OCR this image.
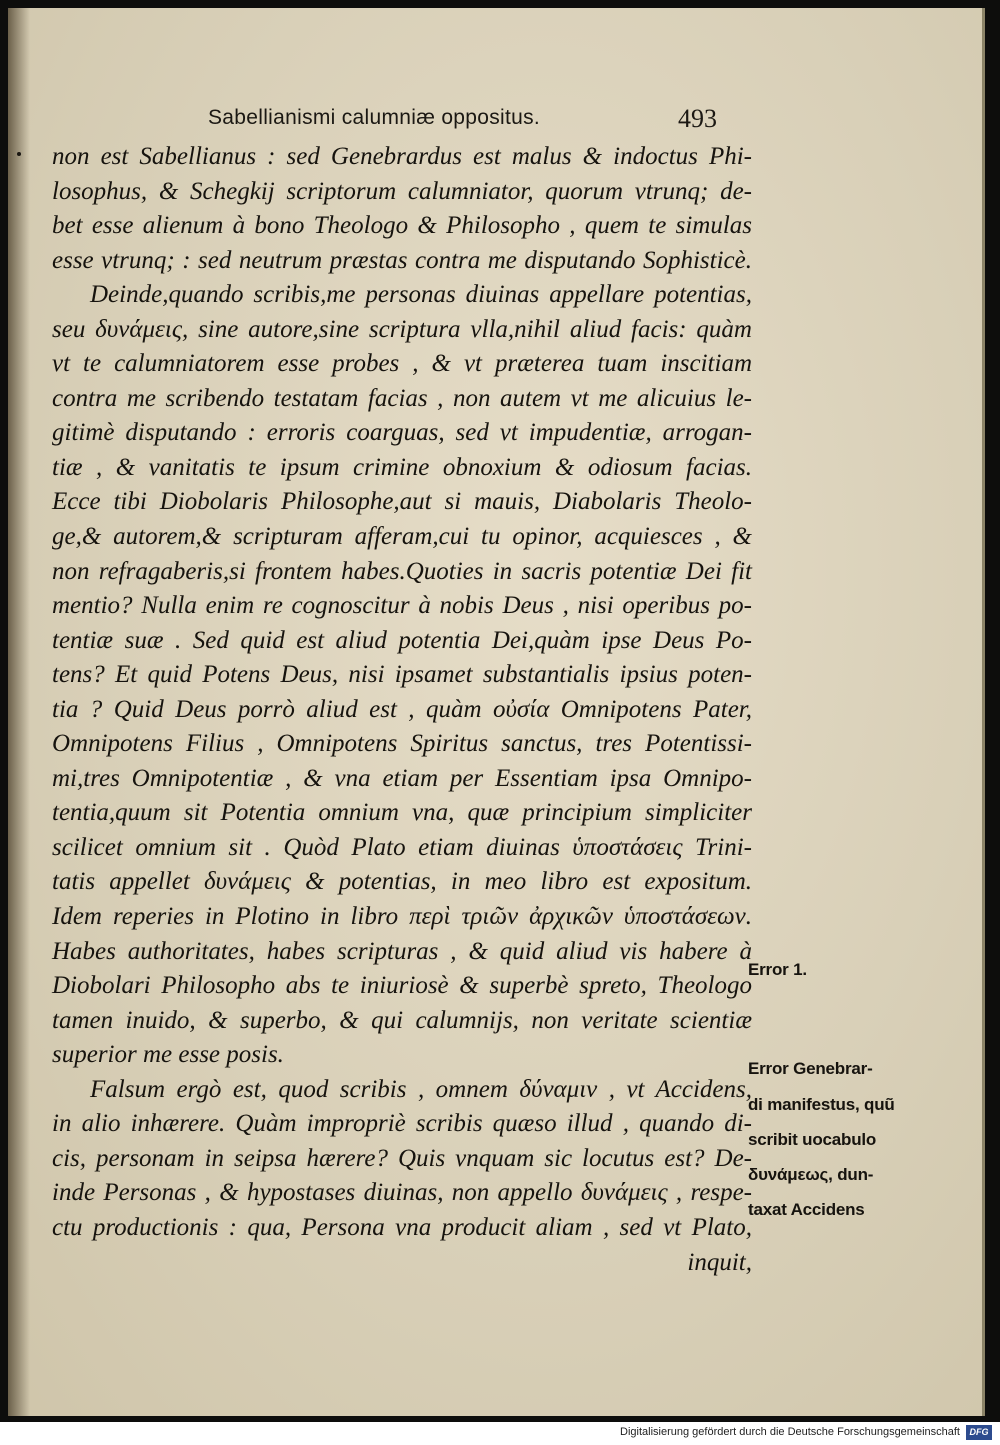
Sabellianismi calumniæ oppositus.	493
non est Sabellianus : sed Genebrardus est malus & indoctus Phi-
losophus, & Schegkij scriptorum calumniator, quorum vtrunq; de-
bet esse alienum à bono Theologo & Philosopho , quem te simulas
esse vtrunq; : sed neutrum præstas contra me disputando Sophisticè.
Deinde,quando scribis,me personas diuinas appellare potentias,
seu δυνάμεις, sine autore,sine scriptura vlla,nihil aliud facis: quàm
vt te calumniatorem esse probes , & vt præterea tuam inscitiam
contra me scribendo testatam facias , non autem vt me alicuius le-
gitimè disputando : erroris coarguas, sed vt impudentiæ, arrogan-
tiæ , & vanitatis te ipsum crimine obnoxium & odiosum facias.
Ecce tibi Diobolaris Philosophe,aut si mauis, Diabolaris Theolo-
ge,& autorem,& scripturam afferam,cui tu opinor, acquiesces , &
non refragaberis,si frontem habes.Quoties in sacris potentiæ Dei fit
mentio? Nulla enim re cognoscitur à nobis Deus , nisi operibus po-
tentiæ suæ . Sed quid est aliud potentia Dei,quàm ipse Deus Po-
tens? Et quid Potens Deus, nisi ipsamet substantialis ipsius poten-
tia ? Quid Deus porrò aliud est , quàm οὐσία Omnipotens Pater,
Omnipotens Filius , Omnipotens Spiritus sanctus, tres Potentissi-
mi,tres Omnipotentiæ , & vna etiam per Essentiam ipsa Omnipo-
tentia,quum sit Potentia omnium vna, quæ principium simpliciter
scilicet omnium sit . Quòd Plato etiam diuinas ὑποστάσεις Trini-
tatis appellet δυνάμεις & potentias, in meo libro est expositum.
Idem reperies in Plotino in libro περὶ τριῶν ἀρχικῶν ὑποστάσεων.
Habes authoritates, habes scripturas , & quid aliud vis habere à
Diobolari Philosopho abs te iniuriosè & superbè spreto, Theologo
tamen inuido, & superbo, & qui calumnijs, non veritate scientiæ
superior me esse posis.
Falsum ergò est, quod scribis , omnem δύναμιν , vt Accidens,
in alio inhærere. Quàm impropriè scribis quæso illud , quando di-
cis, personam in seipsa hærere? Quis vnquam sic locutus est? De-
inde Personas , & hypostases diuinas, non appello δυνάμεις , respe-
ctu productionis : qua, Persona vna producit aliam , sed vt Plato,
inquit,
Error 1.
Error Genebrar-
di manifestus, quũ
scribit uocabulo
δυνάμεως, dun-
taxat Accidens
Digitalisierung gefördert durch die Deutsche Forschungsgemeinschaft	DFG
